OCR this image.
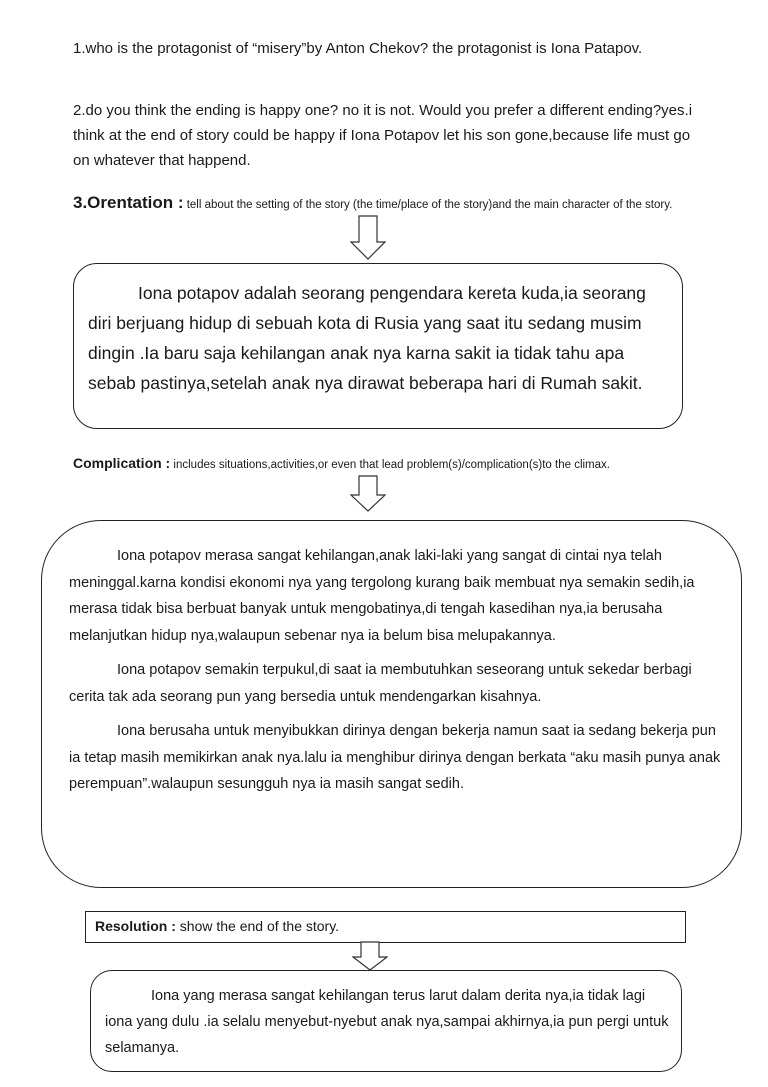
1.who is the protagonist of “misery”by Anton Chekov? the protagonist is Iona Patapov.
2.do you think the ending is happy one? no it is not. Would you prefer a different ending?yes.i think at the end of story could be happy if Iona Potapov let his son gone,because life must go on whatever that happend.
3.Orentation : tell about the setting of the story (the time/place of the story)and the main character of the story.

Iona potapov adalah seorang pengendara kereta kuda,ia seorang diri berjuang hidup di sebuah kota di Rusia yang saat itu sedang musim dingin .Ia baru saja kehilangan anak nya karna sakit ia tidak tahu apa sebab pastinya,setelah anak nya dirawat beberapa hari di Rumah sakit.

Complication : includes situations,activities,or even that lead problem(s)/complication(s)to the climax.

Iona potapov merasa sangat kehilangan,anak laki-laki yang sangat di cintai nya telah meninggal.karna kondisi ekonomi nya yang tergolong kurang baik membuat nya semakin sedih,ia merasa tidak bisa berbuat banyak untuk mengobatinya,di tengah kasedihan nya,ia berusaha melanjutkan hidup nya,walaupun sebenar nya ia belum bisa melupakannya.

Iona potapov semakin terpukul,di saat ia membutuhkan seseorang untuk sekedar berbagi cerita tak ada seorang pun yang bersedia untuk mendengarkan kisahnya.

Iona berusaha untuk menyibukkan dirinya dengan bekerja namun saat ia sedang bekerja pun ia tetap masih memikirkan anak nya.lalu ia menghibur dirinya dengan berkata “aku masih punya anak perempuan”.walaupun sesungguh nya ia masih sangat sedih.

Resolution : show the end of the story.

Iona yang merasa sangat kehilangan terus larut dalam derita nya,ia tidak lagi iona yang dulu .ia selalu menyebut-nyebut anak nya,sampai akhirnya,ia pun pergi untuk selamanya.
